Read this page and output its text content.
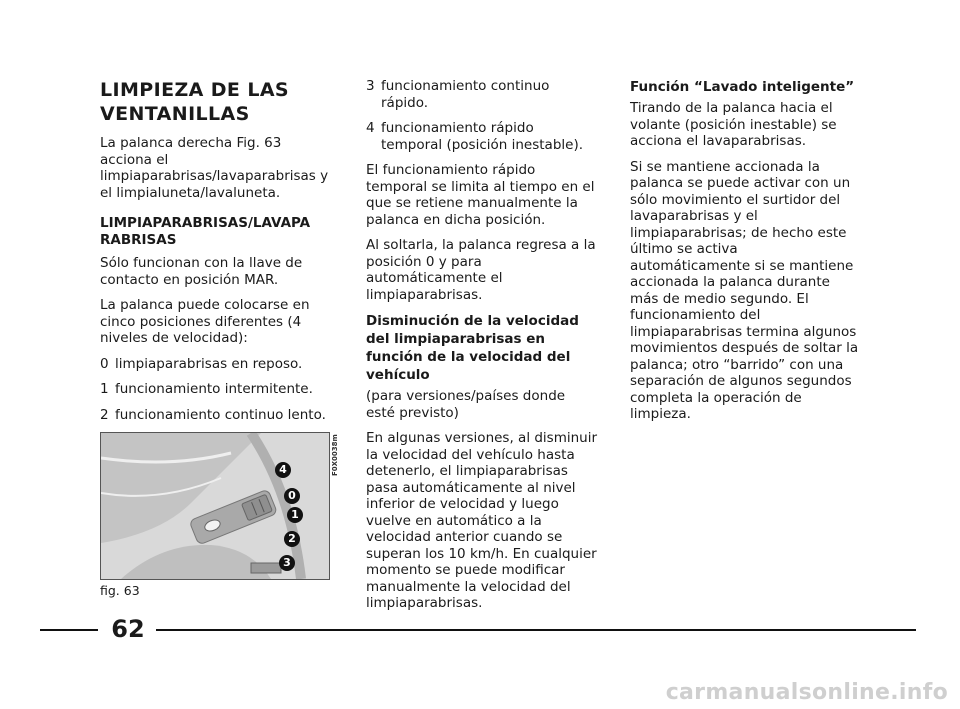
LIMPIEZA DE LAS VENTANILLAS

La palanca derecha Fig. 63 acciona el limpiaparabrisas/lavaparabrisas y el limpialuneta/lavaluneta.

LIMPIAPARABRISAS/LAVAPA RABRISAS

Sólo funcionan con la llave de contacto en posición MAR.

La palanca puede colocarse en cinco posiciones diferentes (4 niveles de velocidad):

0 limpiaparabrisas en reposo.
1 funcionamiento intermitente.
2 funcionamiento continuo lento.
4
0
1
2
3
F0X0038m
fig. 63
3 funcionamiento continuo rápido.
4 funcionamiento rápido temporal (posición inestable).

El funcionamiento rápido temporal se limita al tiempo en el que se retiene manualmente la palanca en dicha posición.

Al soltarla, la palanca regresa a la posición 0 y para automáticamente el limpiaparabrisas.

Disminución de la velocidad del limpiaparabrisas en función de la velocidad del vehículo

(para versiones/países donde esté previsto)

En algunas versiones, al disminuir la velocidad del vehículo hasta detenerlo, el limpiaparabrisas pasa automáticamente al nivel inferior de velocidad y luego vuelve en automático a la velocidad anterior cuando se superan los 10 km/h. En cualquier momento se puede modificar manualmente la velocidad del limpiaparabrisas.

Función “Lavado inteligente”

Tirando de la palanca hacia el volante (posición inestable) se acciona el lavaparabrisas.

Si se mantiene accionada la palanca se puede activar con un sólo movimiento el surtidor del lavaparabrisas y el limpiaparabrisas; de hecho este último se activa automáticamente si se mantiene accionada la palanca durante más de medio segundo. El funcionamiento del limpiaparabrisas termina algunos movimientos después de soltar la palanca; otro “barrido” con una separación de algunos segundos completa la operación de limpieza.

62
carmanualsonline.info
